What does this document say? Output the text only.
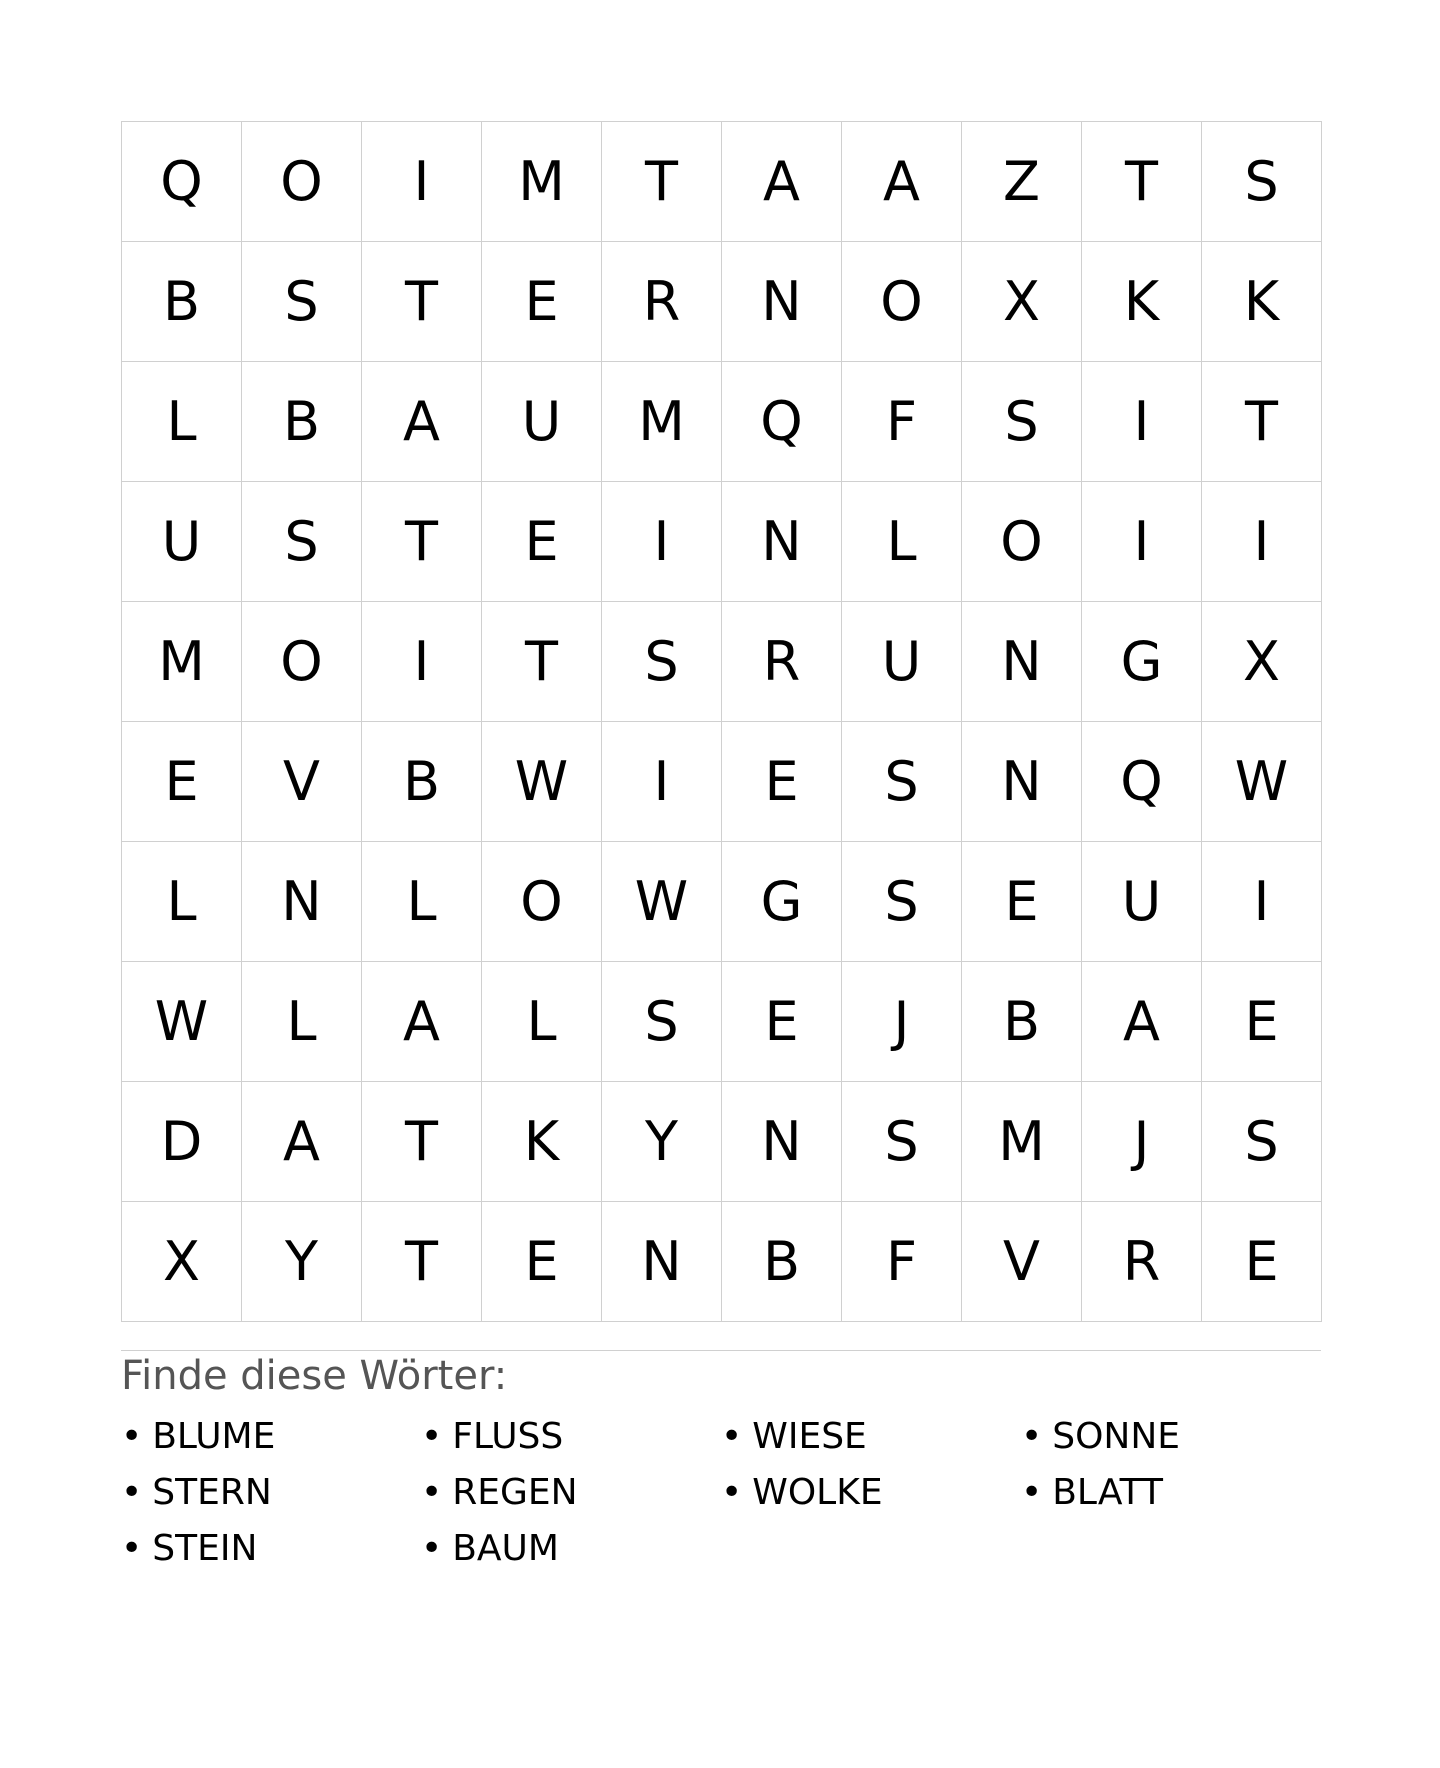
Q	O	I	M	T	A	A	Z	T	S
B	S	T	E	R	N	O	X	K	K
L	B	A	U	M	Q	F	S	I	T
U	S	T	E	I	N	L	O	I	I
M	O	I	T	S	R	U	N	G	X
E	V	B	W	I	E	S	N	Q	W
L	N	L	O	W	G	S	E	U	I
W	L	A	L	S	E	J	B	A	E
D	A	T	K	Y	N	S	M	J	S
X	Y	T	E	N	B	F	V	R	E
Finde diese Wörter:
• BLUME	• FLUSS	• WIESE	• SONNE
• STERN	• REGEN	• WOLKE	• BLATT
• STEIN	• BAUM
